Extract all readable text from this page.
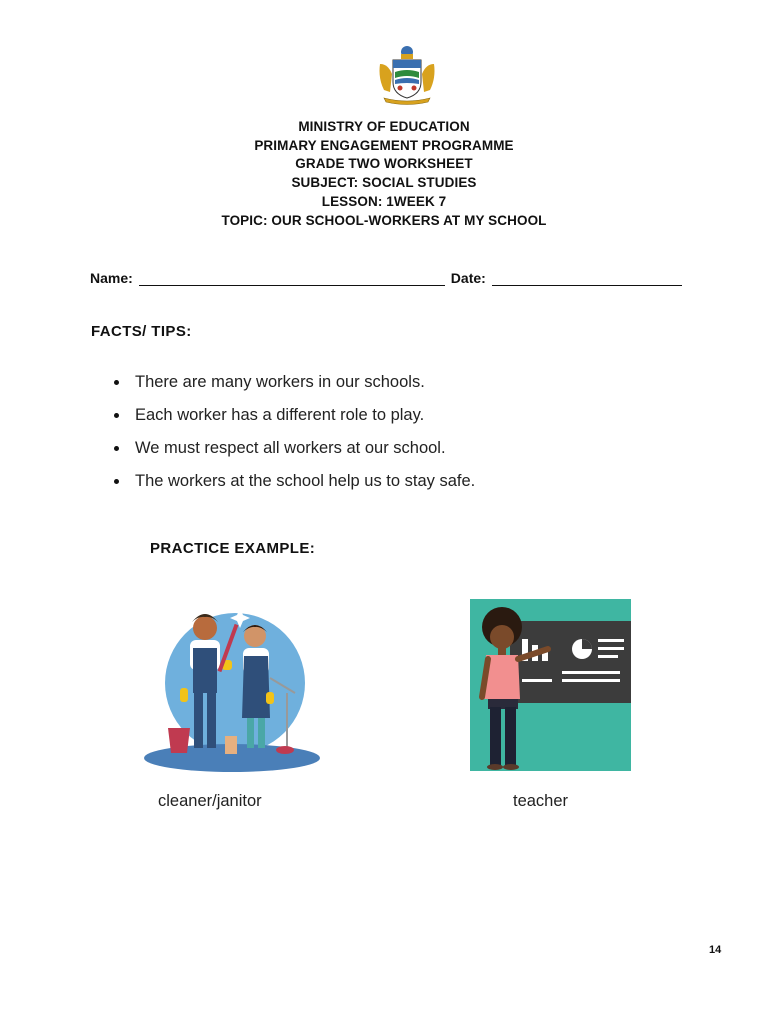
MINISTRY OF EDUCATION
PRIMARY ENGAGEMENT PROGRAMME
GRADE TWO WORKSHEET
SUBJECT: SOCIAL STUDIES
LESSON: 1WEEK 7
TOPIC: OUR SCHOOL-WORKERS AT MY SCHOOL
Name:	Date:
FACTS/ TIPS:
There are many workers in our schools.
Each worker has a different role to play.
We must respect all workers at our school.
The workers at the school help us to stay safe.
PRACTICE EXAMPLE:
cleaner/janitor	teacher
14
